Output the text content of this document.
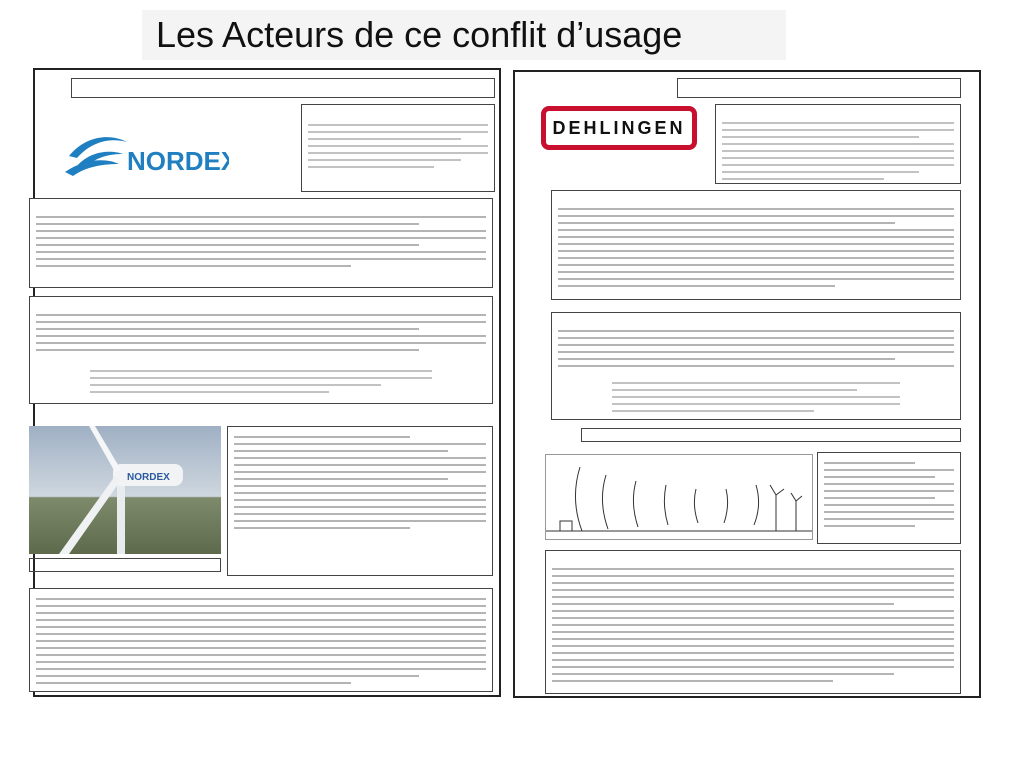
Les Acteurs de ce conflit d’usage
NORDEX
NORDEX
DEHLINGEN
